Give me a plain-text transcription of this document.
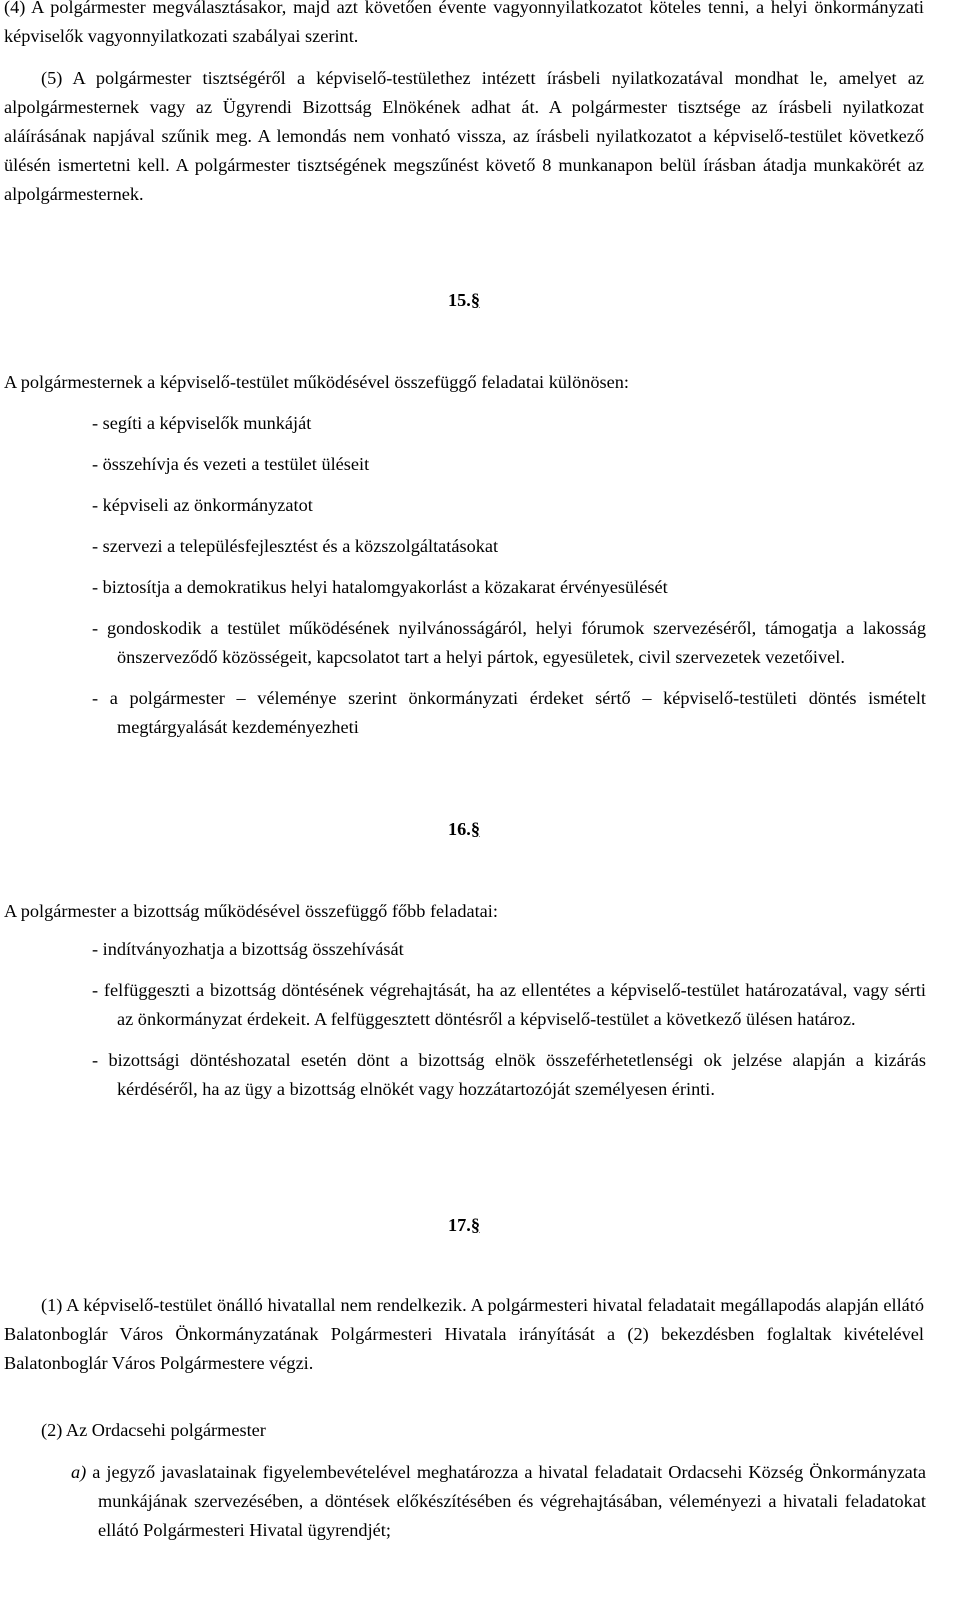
(4) A polgármester megválasztásakor, majd azt követően évente vagyonnyilatkozatot köteles tenni, a helyi önkormányzati képviselők vagyonnyilatkozati szabályai szerint.

(5) A polgármester tisztségéről a képviselő-testülethez intézett írásbeli nyilatkozatával mondhat le, amelyet az alpolgármesternek vagy az Ügyrendi Bizottság Elnökének adhat át. A polgármester tisztsége az írásbeli nyilatkozat aláírásának napjával szűnik meg. A lemondás nem vonható vissza, az írásbeli nyilatkozatot a képviselő-testület következő ülésén ismertetni kell. A polgármester tisztségének megszűnést követő 8 munkanapon belül írásban átadja munkakörét az alpolgármesternek.

15.§

A polgármesternek a képviselő-testület működésével összefüggő feladatai különösen:

- segíti a képviselők munkáját
- összehívja és vezeti a testület üléseit
- képviseli az önkormányzatot
- szervezi a településfejlesztést és a közszolgáltatásokat
- biztosítja a demokratikus helyi hatalomgyakorlást a közakarat érvényesülését
- gondoskodik a testület működésének nyilvánosságáról, helyi fórumok szervezéséről, támogatja a lakosság önszerveződő közösségeit, kapcsolatot tart a helyi pártok, egyesületek, civil szervezetek vezetőivel.
- a polgármester – véleménye szerint önkormányzati érdeket sértő – képviselő-testületi döntés ismételt megtárgyalását kezdeményezheti
16.§

A polgármester a bizottság működésével összefüggő főbb feladatai:

- indítványozhatja a bizottság összehívását
- felfüggeszti a bizottság döntésének végrehajtását, ha az ellentétes a képviselő-testület határozatával, vagy sérti az önkormányzat érdekeit. A felfüggesztett döntésről a képviselő-testület a következő ülésen határoz.
- bizottsági döntéshozatal esetén dönt a bizottság elnök összeférhetetlenségi ok jelzése alapján a kizárás kérdéséről, ha az ügy a bizottság elnökét vagy hozzátartozóját személyesen érinti.
17.§

(1) A képviselő-testület önálló hivatallal nem rendelkezik. A polgármesteri hivatal feladatait megállapodás alapján ellátó Balatonboglár Város Önkormányzatának Polgármesteri Hivatala irányítását a (2) bekezdésben foglaltak kivételével Balatonboglár Város Polgármestere végzi.

(2) Az Ordacsehi polgármester

a) a jegyző javaslatainak figyelembevételével meghatározza a hivatal feladatait Ordacsehi Község Önkormányzata munkájának szervezésében, a döntések előkészítésében és végrehajtásában, véleményezi a hivatali feladatokat ellátó Polgármesteri Hivatal ügyrendjét;
